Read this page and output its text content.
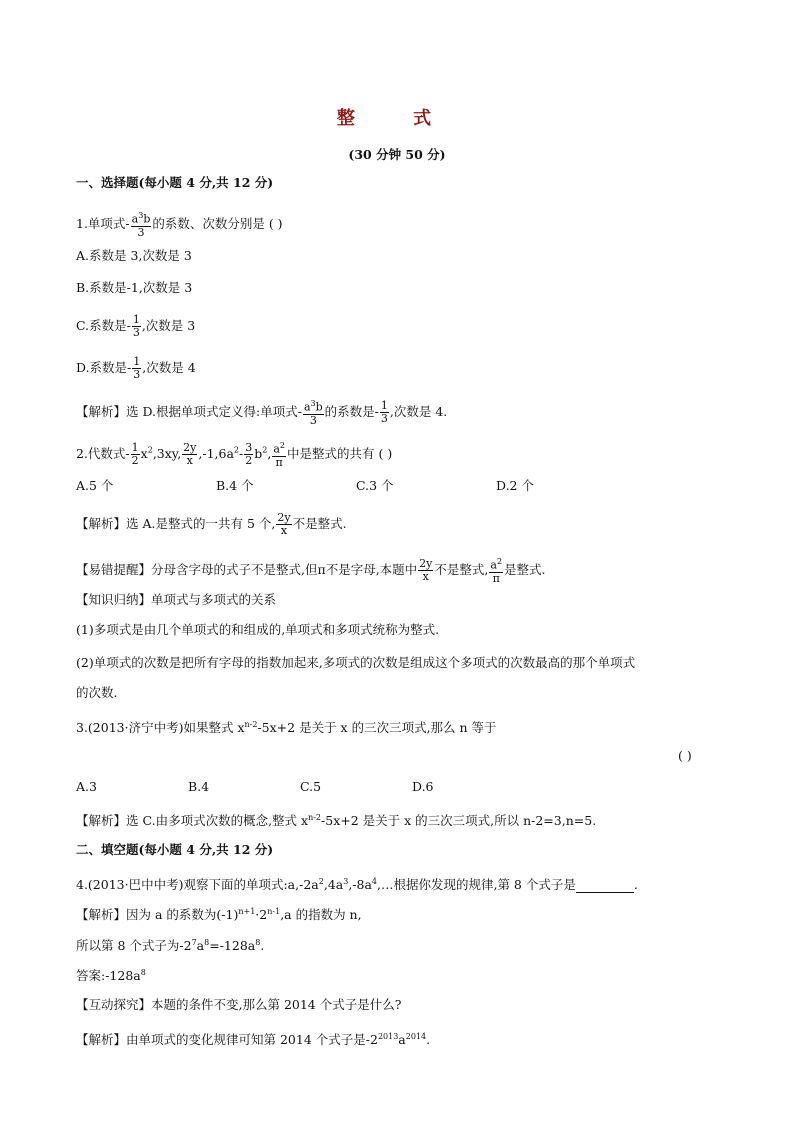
整 式
(30 分钟 50 分)
一、选择题(每小题 4 分,共 12 分)
1.单项式- $\frac{a^3b}{3}$ 的系数、次数分别是 ( )
A.系数是 3,次数是 3
B.系数是-1,次数是 3
C.系数是- $\frac{1}{3}$ ,次数是 3
D.系数是- $\frac{1}{3}$ ,次数是 4
【解析】选 D.根据单项式定义得:单项式- $\frac{a^3b}{3}$ 的系数是- $\frac{1}{3}$ ,次数是 4.
2.代数式- $\frac{1}{2} x^2,3xy$, $\frac{2y}{x} ,-1,6a^2- \frac{3}{2} b^2$, $\frac{a^2}{\pi}$ 中是整式的共有 ( )
A.5 个	B.4 个	C.3 个	D.2 个
【解析】选 A.是整式的一共有 5 个, $\frac{2y}{x}$ 不是整式.
【易错提醒】分母含字母的式子不是整式,但π不是字母,本题中 $\frac{2y}{x}$ 不是整式, $\frac{a^2}{\pi}$ 是整式.
【知识归纳】单项式与多项式的关系
(1)多项式是由几个单项式的和组成的,单项式和多项式统称为整式.
(2)单项式的次数是把所有字母的指数加起来,多项式的次数是组成这个多项式的次数最高的那个单项式
的次数.
3.(2013·济宁中考)如果整式 $x^{n-2}-5x+2$ 是关于 x 的三次三项式,那么 n 等于
( )
A.3	B.4	C.5	D.6
【解析】选 C.由多项式次数的概念,整式 $x^{n-2}-5x+2$ 是关于 x 的三次三项式,所以 n-2=3,n=5.
二、填空题(每小题 4 分,共 12 分)
4.(2013·巴中中考)观察下面的单项式$:a,-2a^2,4a^3,-8a^4,\dots$根据你发现的规律,第 8 个式子是	.
【解析】因为 a 的系数为$(-1)^{n+1}\cdot 2^{n-1},a$ 的指数为 n,
所以第 8 个式子为$-2^7a^8=-128a^8$.
答案$:-128a^8$
【互动探究】本题的条件不变,那么第 2014 个式子是什么?
【解析】由单项式的变化规律可知第 2014 个式子是$-2^{2013}a^{2014}$.
